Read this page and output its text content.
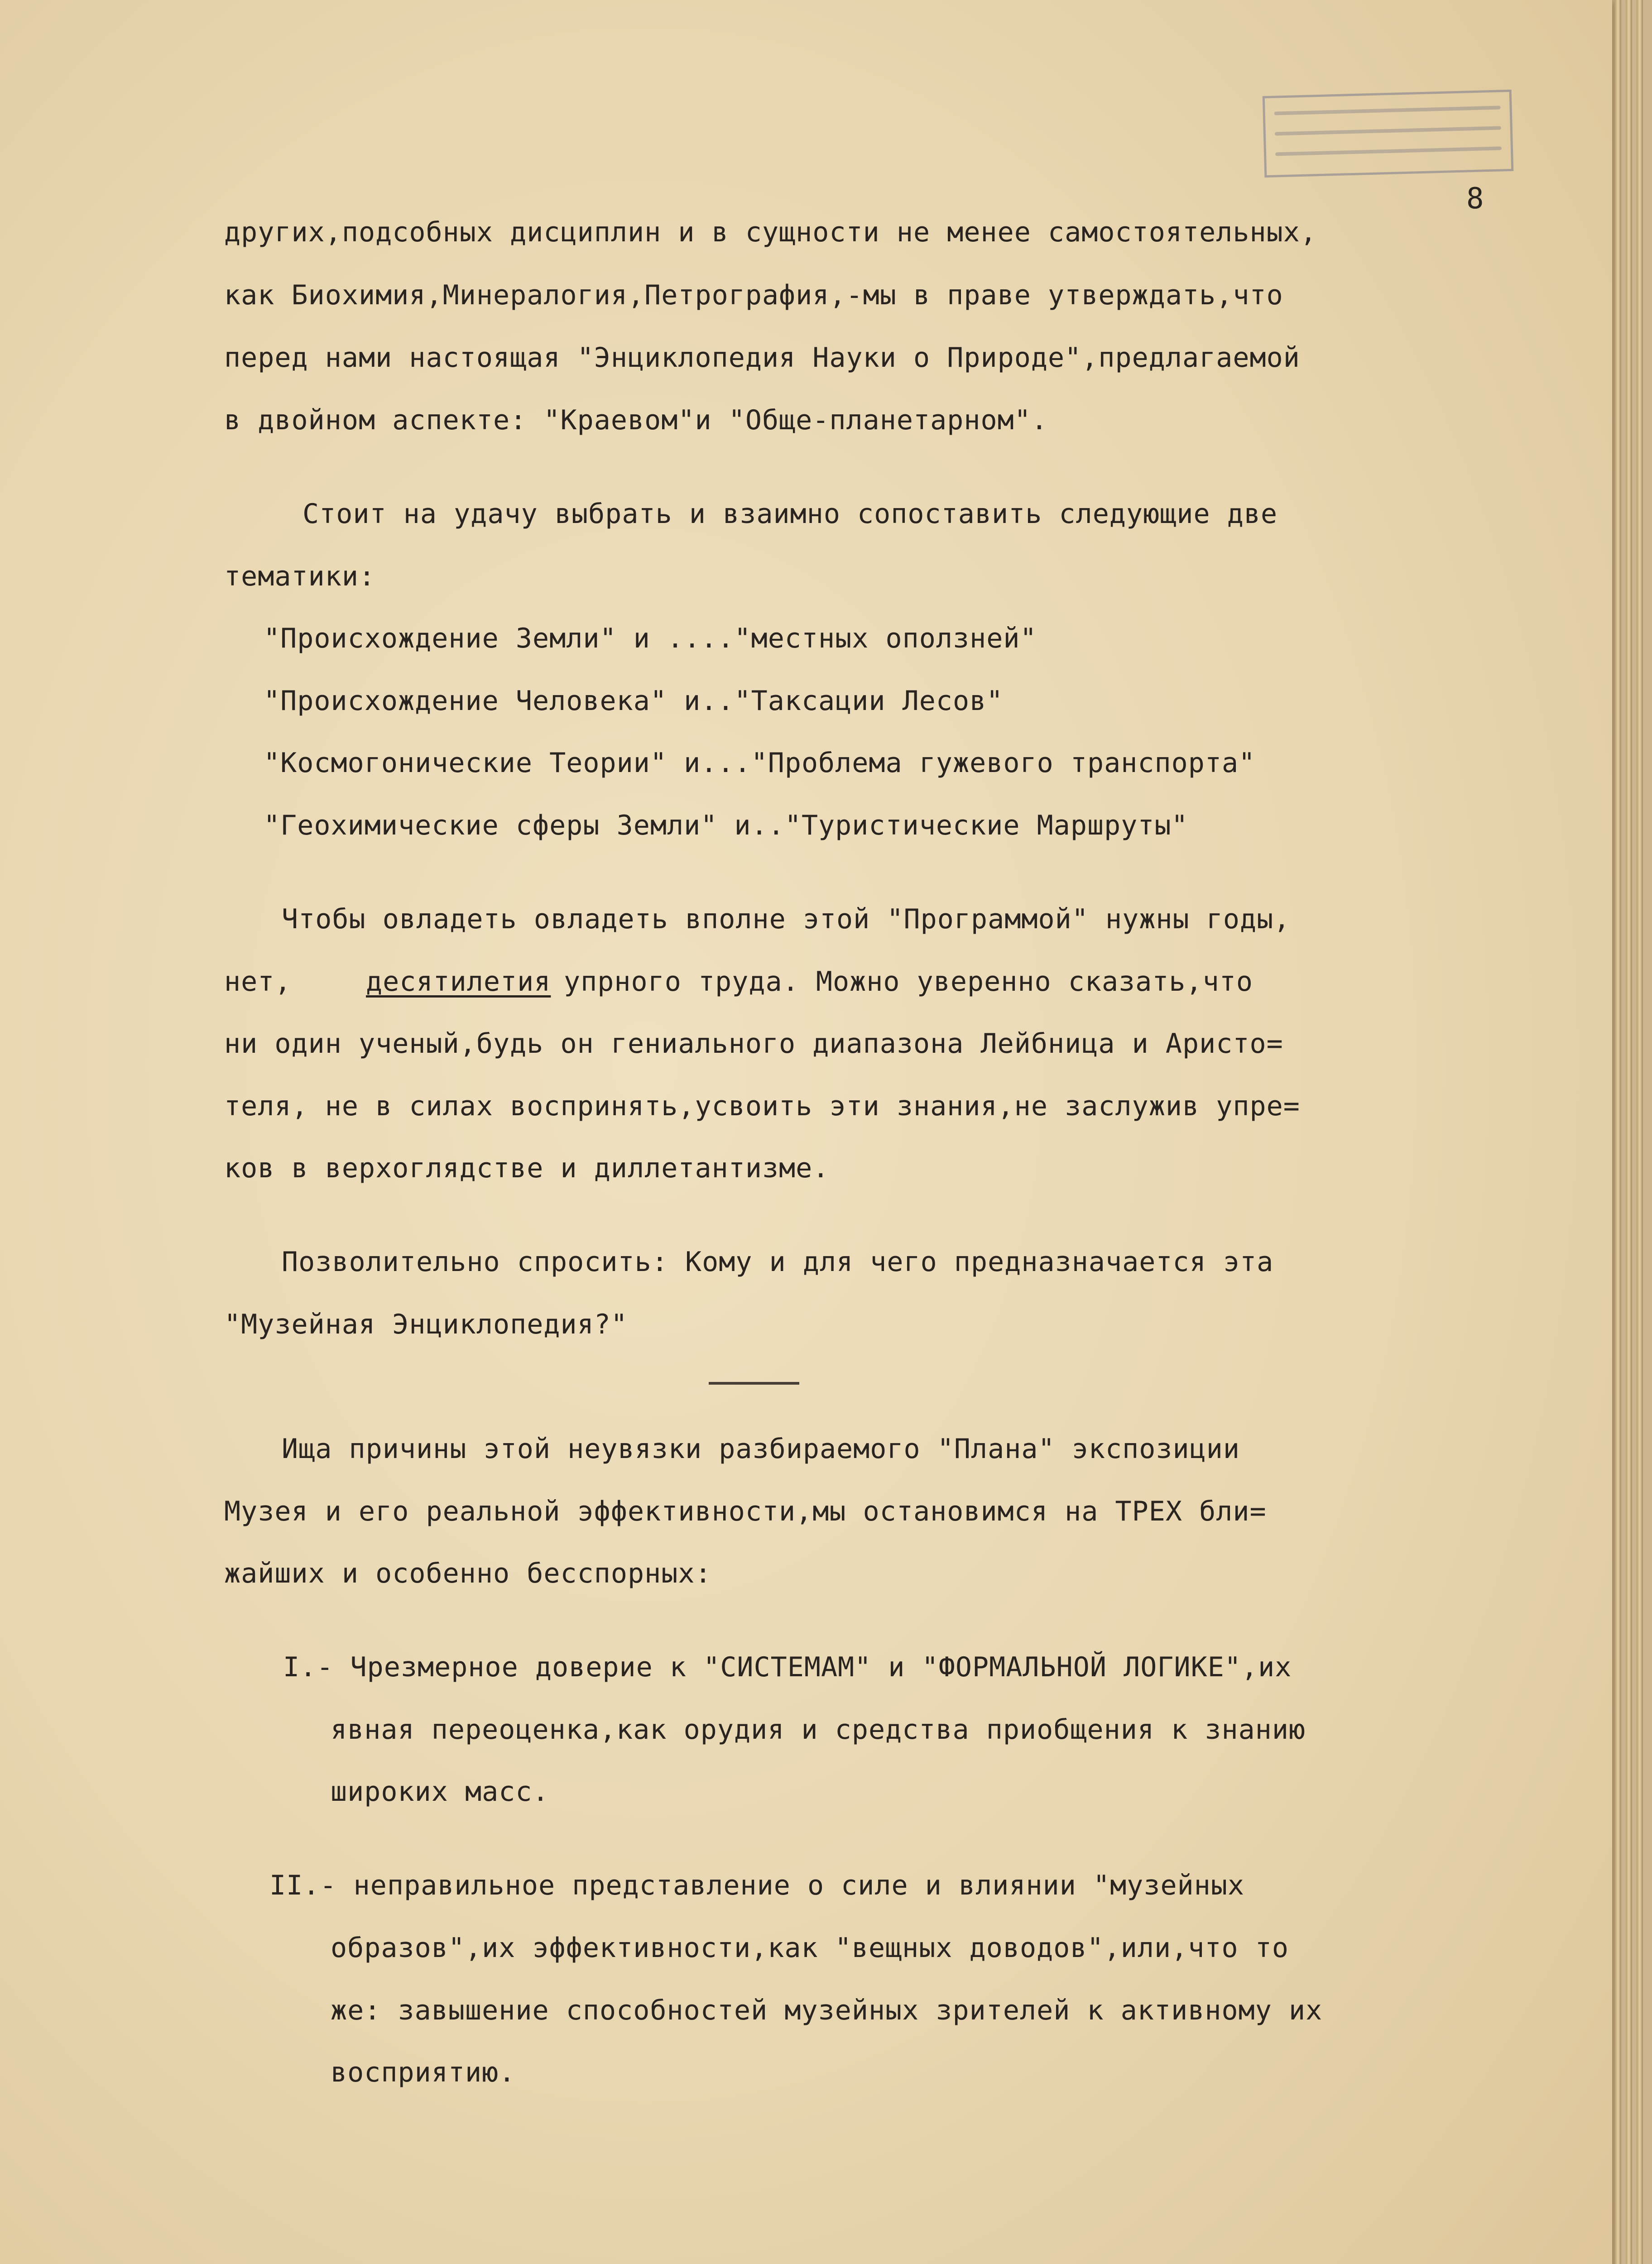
8

других,подсобных дисциплин и в сущности не менее самостоятельных,

как Биохимия,Минералогия,Петрография,-мы в праве утверждать,что

перед нами настоящая "Энциклопедия Науки о Природе",предлагаемой

в двойном аспекте: "Краевом"и "Обще-планетарном".

Стоит на удачу выбрать и взаимно сопоставить следующие две

тематики:

"Происхождение Земли" и ...."местных оползней"

"Происхождение Человека" и.."Таксации Лесов"

"Космогонические Теории" и..."Проблема гужевого транспорта"

"Геохимические сферы Земли" и.."Туристические Маршруты"

Чтобы овладеть овладеть вполне этой "Программой" нужны годы,

нет,

	десятилетия

упрного труда. Можно уверенно сказать,что

ни один ученый,будь он гениального диапазона Лейбница и Аристо=

теля, не в силах воспринять,усвоить эти знания,не заслужив упре=

ков в верхоглядстве и диллетантизме.

Позволительно спросить: Кому и для чего предназначается эта

"Музейная Энциклопедия?"

Ища причины этой неувязки разбираемого "Плана" экспозиции

Музея и его реальной эффективности,мы остановимся на ТРЕХ бли=

жайших и особенно бесспорных:

I.- Чрезмерное доверие к "СИСТЕМАМ" и "ФОРМАЛЬНОЙ ЛОГИКЕ",их

явная переоценка,как орудия и средства приобщения к знанию

широких масс.

II.- неправильное представление о силе и влиянии "музейных

образов",их эффективности,как "вещных доводов",или,что то

же: завышение способностей музейных зрителей к активному их

восприятию.
